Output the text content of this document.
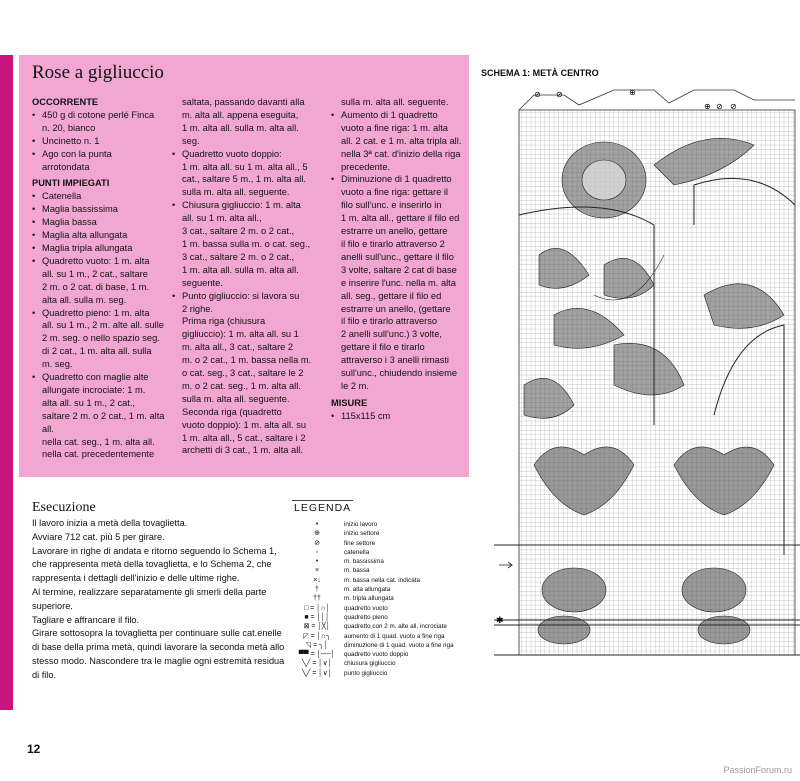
Rose a gigliuccio
OCCORRENTE
• 450 g di cotone perlé Finca
n. 20, bianco
• Uncinetto n. 1
• Ago con la punta
arrotondata
PUNTI IMPIEGATI
• Catenella
• Maglia bassissima
• Maglia bassa
• Maglia alta allungata
• Maglia tripla allungata
• Quadretto vuoto: 1 m. alta
all. su 1 m., 2 cat., saltare
2 m. o 2 cat. di base, 1 m.
alta all. sulla m. seg.
• Quadretto pieno: 1 m. alta
all. su 1 m., 2 m. alte all. sulle
2 m. seg. o nello spazio seg.
di 2 cat., 1 m. alta all. sulla
m. seg.
• Quadretto con maglie alte
allungate incrociate: 1 m.
alta all. su 1 m., 2 cat.,
saltare 2 m. o 2 cat., 1 m. alta all.
nella cat. seg., 1 m. alta all.
nella cat. precedentemente
saltata, passando davanti alla
m. alta all. appena eseguita,
1 m. alta all. sulla m. alta all.
seg.
• Quadretto vuoto doppio:
1 m. alta all. su 1 m. alta all., 5
cat., saltare 5 m., 1 m. alta all.
sulla m. alta all. seguente.
• Chiusura gigliuccio: 1 m. alta
all. su 1 m. alta all.,
3 cat., saltare 2 m. o 2 cat.,
1 m. bassa sulla m. o cat. seg.,
3 cat., saltare 2 m. o 2 cat.,
1 m. alta all. sulla m. alta all.
seguente.
• Punto gigliuccio: si lavora su
2 righe.
Prima riga (chiusura
gigliuccio): 1 m. alta all. su 1
m. alta all., 3 cat., saltare 2
m. o 2 cat., 1 m. bassa nella m.
o cat. seg., 3 cat., saltare le 2
m. o 2 cat. seg., 1 m. alta all.
sulla m. alta all. seguente.
Seconda riga (quadretto
vuoto doppio): 1 m. alta all. su
1 m. alta all., 5 cat., saltare i 2
archetti di 3 cat., 1 m. alta all.
sulla m. alta all. seguente.
• Aumento di 1 quadretto
vuoto a fine riga: 1 m. alta
all. 2 cat. e 1 m. alta tripla all.
nella 3ª cat. d'inizio della riga
precedente.
• Diminuzione di 1 quadretto
vuoto a fine riga: gettare il
filo sull'unc. e inserirlo in
1 m. alta all., gettare il filo ed
estrarre un anello, gettare
il filo e tirarlo attraverso 2
anelli sull'unc., gettare il filo
3 volte, saltare 2 cat di base
e inserire l'unc. nella m. alta
all. seg., gettare il filo ed
estrarre un anello, (gettare
il filo e tirarlo attraverso
2 anelli sull'unc.) 3 volte,
gettare il filo e tirarlo
attraverso i 3 anelli rimasti
sull'unc., chiudendo insieme
le 2 m.
MISURE
• 115x115 cm
Esecuzione

Il lavoro inizia a metà della tovaglietta.

Avviare 712 cat. più 5 per girare.

Lavorare in righe di andata e ritorno seguendo lo Schema 1, che rappresenta metà della tovaglietta, e lo Schema 2, che rappresenta i dettagli dell'inizio e delle ultime righe.

Al termine, realizzare separatamente gli smerli della parte superiore.

Tagliare e affrancare il filo.

Girare sottosopra la tovaglietta per continuare sulle cat.enelle di base della prima metà, quindi lavorare la seconda metà allo stesso modo. Nascondere tra le maglie ogni estremità residua di filo.

LEGENDA
•	inizio lavoro
⊕	inizio settore
⊘	fine settore
◦	catenella
•	m. bassissima
×	m. bassa
×↓	m. bassa nella cat. indicata
†	m. alta allungata
††	m. tripla allungata
□ = │∩│	quadretto vuoto
■ = │││	quadretto pieno
⊠ = │╳│	quadretto con 2 m. alte all. incrociate
◸ = │∩┐	aumento di 1 quad. vuoto a fine riga
◹ = ┐│	diminuzione di 1 quad. vuoto a fine riga
▀▀ = │──│	quadretto vuoto doppio
╲╱ = │∨│	chiusura gigliuccio
╲╱ = │∨│	punto gigliuccio
SCHEMA 1: METÀ CENTRO
✱
⊘ ⊘	⊕
⊕ ⊘ ⊘
12
PassionForum.ru
